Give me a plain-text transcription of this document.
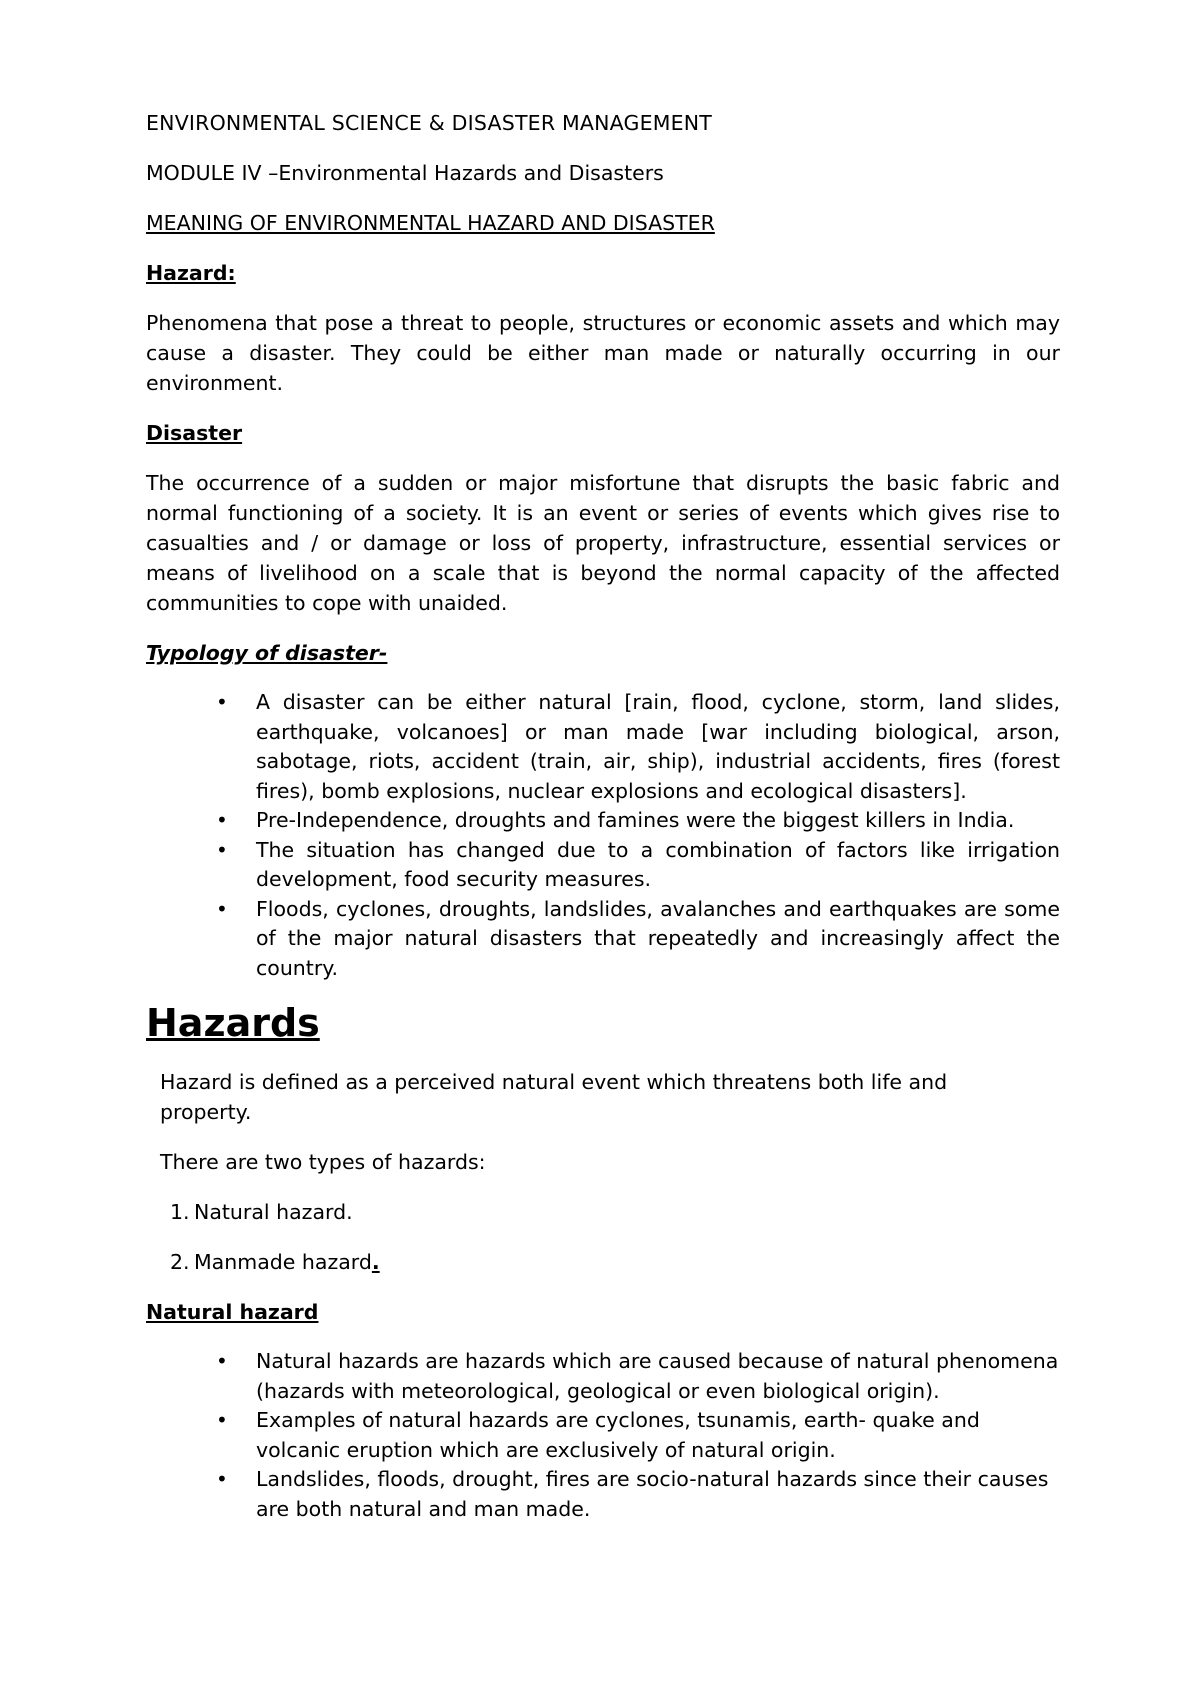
ENVIRONMENTAL SCIENCE & DISASTER MANAGEMENT

MODULE IV –Environmental Hazards and Disasters

MEANING OF ENVIRONMENTAL HAZARD AND DISASTER

Hazard:

Phenomena that pose a threat to people, structures or economic assets and which may cause a disaster. They could be either man made or naturally occurring in our environment.

Disaster

The occurrence of a sudden or major misfortune that disrupts the basic fabric and normal functioning of a society. It is an event or series of events which gives rise to casualties and / or damage or loss of property, infrastructure, essential services or means of livelihood on a scale that is beyond the normal capacity of the affected communities to cope with unaided.

Typology of disaster-

• A disaster can be either natural [rain, flood, cyclone, storm, land slides, earthquake, volcanoes] or man made [war including biological, arson, sabotage, riots, accident (train, air, ship), industrial accidents, fires (forest fires), bomb explosions, nuclear explosions and ecological disasters].
• Pre-Independence, droughts and famines were the biggest killers in India.
• The situation has changed due to a combination of factors like irrigation development, food security measures.
• Floods, cyclones, droughts, landslides, avalanches and earthquakes are some of the major natural disasters that repeatedly and increasingly affect the country.

Hazards

Hazard is defined as a perceived natural event which threatens both life and property.

There are two types of hazards:

1. Natural hazard.
2. Manmade hazard.

Natural hazard

• Natural hazards are hazards which are caused because of natural phenomena (hazards with meteorological, geological or even biological origin).
• Examples of natural hazards are cyclones, tsunamis, earth- quake and volcanic eruption which are exclusively of natural origin.
• Landslides, floods, drought, fires are socio-natural hazards since their causes are both natural and man made.
